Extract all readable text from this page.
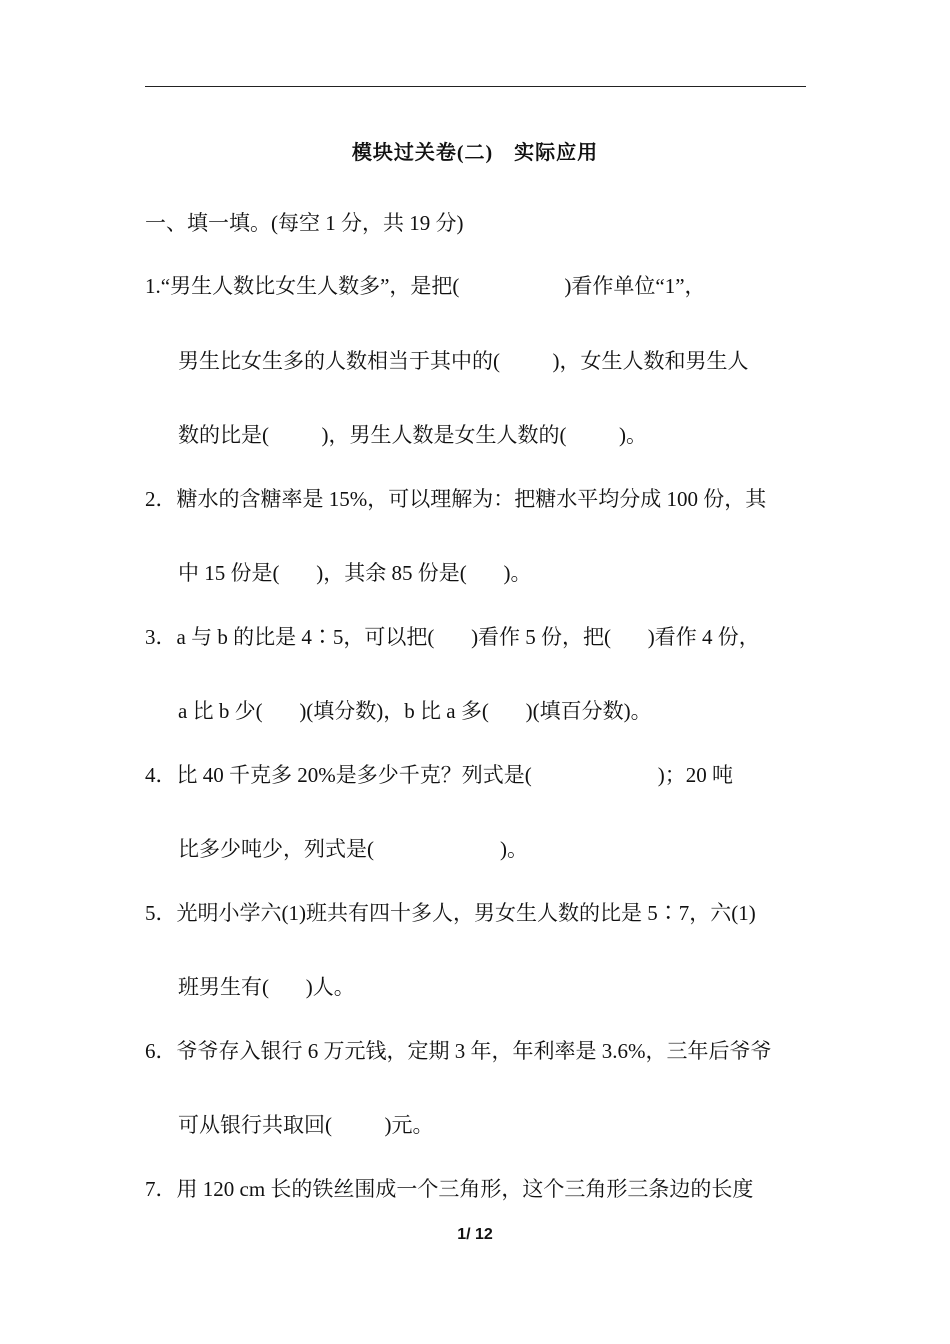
模块过关卷(二)　实际应用
一、填一填。(每空 1 分，共 19 分)
1.“男生人数比女生人数多”，是把(                    )看作单位“1”，
男生比女生多的人数相当于其中的(          )，女生人数和男生人
数的比是(          )，男生人数是女生人数的(          )。
2．糖水的含糖率是 15%，可以理解为：把糖水平均分成 100 份，其
中 15 份是(       )，其余 85 份是(       )。
3．a 与 b 的比是 4∶5，可以把(       )看作 5 份，把(       )看作 4 份，
a 比 b 少(       )(填分数)，b 比 a 多(       )(填百分数)。
4．比 40 千克多 20%是多少千克？列式是(                        )；20 吨
比多少吨少，列式是(                        )。
5．光明小学六(1)班共有四十多人，男女生人数的比是 5∶7，六(1)
班男生有(       )人。
6．爷爷存入银行 6 万元钱，定期 3 年，年利率是 3.6%，三年后爷爷
可从银行共取回(          )元。
7．用 120 cm 长的铁丝围成一个三角形，这个三角形三条边的长度
1/ 12
